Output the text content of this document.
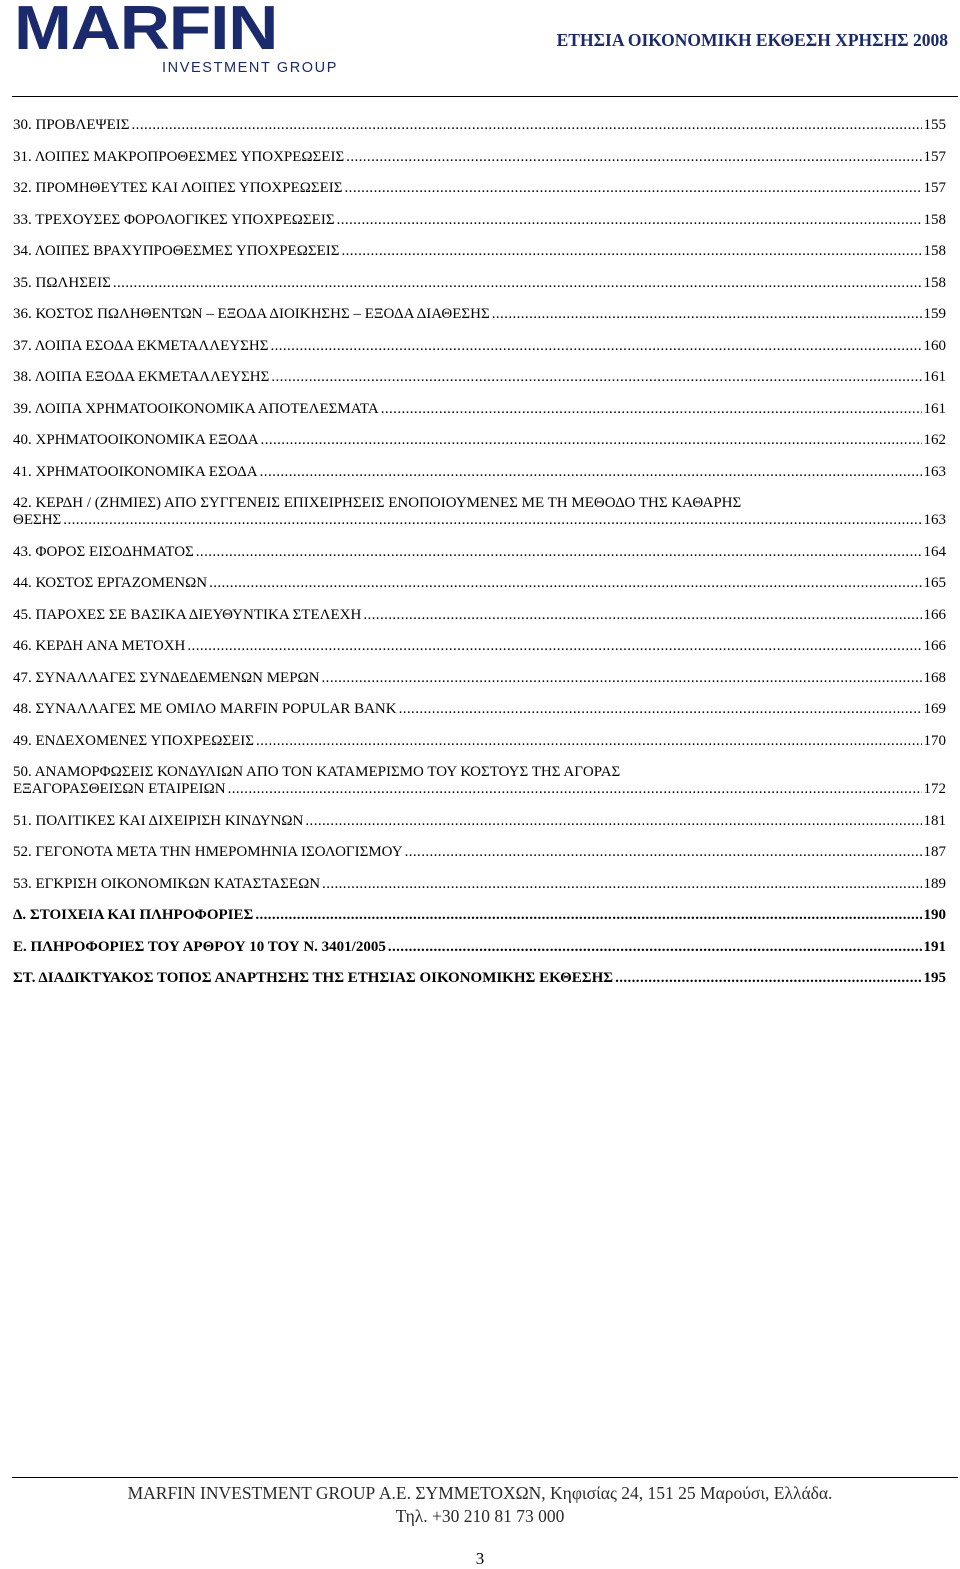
MARFIN
INVESTMENT GROUP
ΕΤΗΣΙΑ ΟΙΚΟΝΟΜΙΚΗ ΕΚΘΕΣΗ ΧΡΗΣΗΣ 2008
30. ΠΡΟΒΛΕΨΕΙΣ .....	155
31. ΛΟΙΠΕΣ ΜΑΚΡΟΠΡΟΘΕΣΜΕΣ ΥΠΟΧΡΕΩΣΕΙΣ .....	157
32. ΠΡΟΜΗΘΕΥΤΕΣ ΚΑΙ ΛΟΙΠΕΣ ΥΠΟΧΡΕΩΣΕΙΣ .....	157
33. ΤΡΕΧΟΥΣΕΣ ΦΟΡΟΛΟΓΙΚΕΣ ΥΠΟΧΡΕΩΣΕΙΣ .....	158
34. ΛΟΙΠΕΣ ΒΡΑΧΥΠΡΟΘΕΣΜΕΣ ΥΠΟΧΡΕΩΣΕΙΣ .....	158
35. ΠΩΛΗΣΕΙΣ .....	158
36. ΚΟΣΤΟΣ ΠΩΛΗΘΕΝΤΩΝ – ΕΞΟΔΑ ΔΙΟΙΚΗΣΗΣ – ΕΞΟΔΑ ΔΙΑΘΕΣΗΣ .....	159
37. ΛΟΙΠΑ ΕΣΟΔΑ ΕΚΜΕΤΑΛΛΕΥΣΗΣ .....	160
38. ΛΟΙΠΑ ΕΞΟΔΑ ΕΚΜΕΤΑΛΛΕΥΣΗΣ .....	161
39. ΛΟΙΠΑ ΧΡΗΜΑΤΟΟΙΚΟΝΟΜΙΚΑ ΑΠΟΤΕΛΕΣΜΑΤΑ .....	161
40. ΧΡΗΜΑΤΟΟΙΚΟΝΟΜΙΚΑ ΕΞΟΔΑ .....	162
41. ΧΡΗΜΑΤΟΟΙΚΟΝΟΜΙΚΑ ΕΣΟΔΑ .....	163
42. ΚΕΡΔΗ / (ΖΗΜΙΕΣ) ΑΠΟ ΣΥΓΓΕΝΕΙΣ ΕΠΙΧΕΙΡΗΣΕΙΣ ΕΝΟΠΟΙΟΥΜΕΝΕΣ ΜΕ ΤΗ ΜΕΘΟΔΟ ΤΗΣ ΚΑΘΑΡΗΣ
ΘΕΣΗΣ .....	163
43. ΦΟΡΟΣ ΕΙΣΟΔΗΜΑΤΟΣ .....	164
44. ΚΟΣΤΟΣ ΕΡΓΑΖΟΜΕΝΩΝ .....	165
45. ΠΑΡΟΧΕΣ ΣΕ ΒΑΣΙΚΑ ΔΙΕΥΘΥΝΤΙΚΑ ΣΤΕΛΕΧΗ .....	166
46. ΚΕΡΔΗ ΑΝΑ ΜΕΤΟΧΗ .....	166
47. ΣΥΝΑΛΛΑΓΕΣ ΣΥΝΔΕΔΕΜΕΝΩΝ ΜΕΡΩΝ .....	168
48. ΣΥΝΑΛΛΑΓΕΣ ΜΕ ΟΜΙΛΟ MARFIN POPULAR BANK .....	169
49. ΕΝΔΕΧΟΜΕΝΕΣ ΥΠΟΧΡΕΩΣΕΙΣ .....	170
50. ΑΝΑΜΟΡΦΩΣΕΙΣ ΚΟΝΔΥΛΙΩΝ ΑΠΟ ΤΟΝ ΚΑΤΑΜΕΡΙΣΜΟ ΤΟΥ ΚΟΣΤΟΥΣ ΤΗΣ ΑΓΟΡΑΣ
ΕΞΑΓΟΡΑΣΘΕΙΣΩΝ ΕΤΑΙΡΕΙΩΝ .....	172
51. ΠΟΛΙΤΙΚΕΣ ΚΑΙ ΔΙΧΕΙΡΙΣΗ ΚΙΝΔΥΝΩΝ .....	181
52. ΓΕΓΟΝΟΤΑ ΜΕΤΑ ΤΗΝ ΗΜΕΡΟΜΗΝΙΑ ΙΣΟΛΟΓΙΣΜΟΥ .....	187
53. ΕΓΚΡΙΣΗ ΟΙΚΟΝΟΜΙΚΩΝ ΚΑΤΑΣΤΑΣΕΩΝ .....	189
Δ. ΣΤΟΙΧΕΙΑ ΚΑΙ ΠΛΗΡΟΦΟΡΙΕΣ .....	190
Ε. ΠΛΗΡΟΦΟΡΙΕΣ ΤΟΥ ΑΡΘΡΟΥ 10 ΤΟΥ Ν. 3401/2005 .....	191
ΣΤ. ΔΙΑΔΙΚΤΥΑΚΟΣ ΤΟΠΟΣ ΑΝΑΡΤΗΣΗΣ ΤΗΣ ΕΤΗΣΙΑΣ ΟΙΚΟΝΟΜΙΚΗΣ ΕΚΘΕΣΗΣ .....	195
MARFIN INVESTMENT GROUP Α.Ε. ΣΥΜΜΕΤΟΧΩΝ, Κηφισίας 24, 151 25 Μαρούσι, Ελλάδα.
Τηλ. +30 210 81 73 000
3
